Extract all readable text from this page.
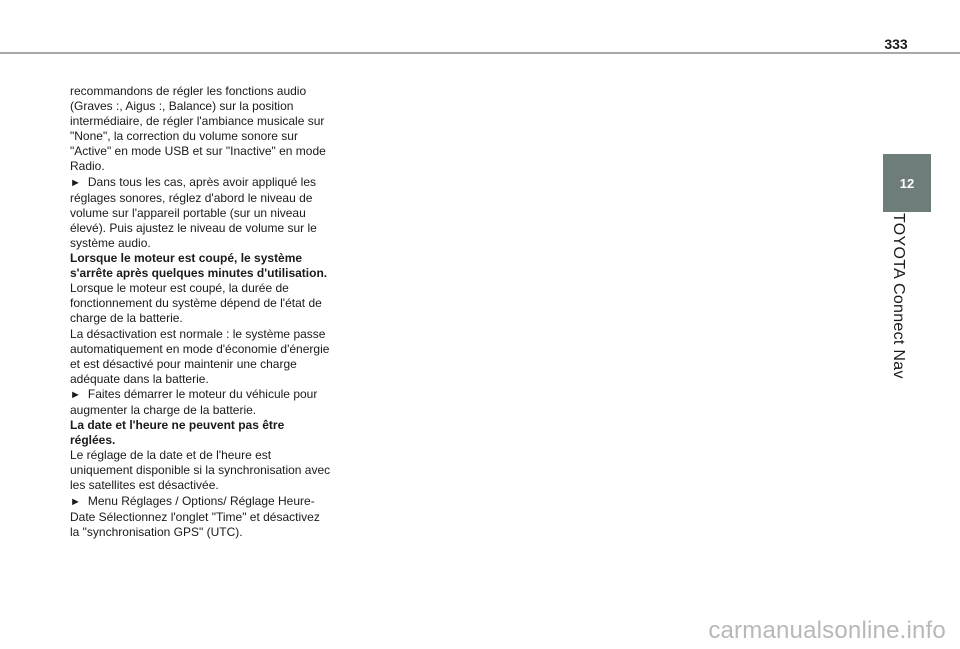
333
12
TOYOTA Connect Nav

recommandons de régler les fonctions audio (Graves :, Aigus :, Balance) sur la position intermédiaire, de régler l'ambiance musicale sur "None", la correction du volume sonore sur "Active" en mode USB et sur "Inactive" en mode Radio.

► Dans tous les cas, après avoir appliqué les réglages sonores, réglez d'abord le niveau de volume sur l'appareil portable (sur un niveau élevé). Puis ajustez le niveau de volume sur le système audio.

Lorsque le moteur est coupé, le système s'arrête après quelques minutes d'utilisation.

Lorsque le moteur est coupé, la durée de fonctionnement du système dépend de l'état de charge de la batterie.

La désactivation est normale : le système passe automatiquement en mode d'économie d'énergie et est désactivé pour maintenir une charge adéquate dans la batterie.

► Faites démarrer le moteur du véhicule pour augmenter la charge de la batterie.

La date et l'heure ne peuvent pas être réglées.

Le réglage de la date et de l'heure est uniquement disponible si la synchronisation avec les satellites est désactivée.

► Menu Réglages / Options/ Réglage Heure-Date Sélectionnez l'onglet "Time" et désactivez la "synchronisation GPS" (UTC).

carmanualsonline.info
